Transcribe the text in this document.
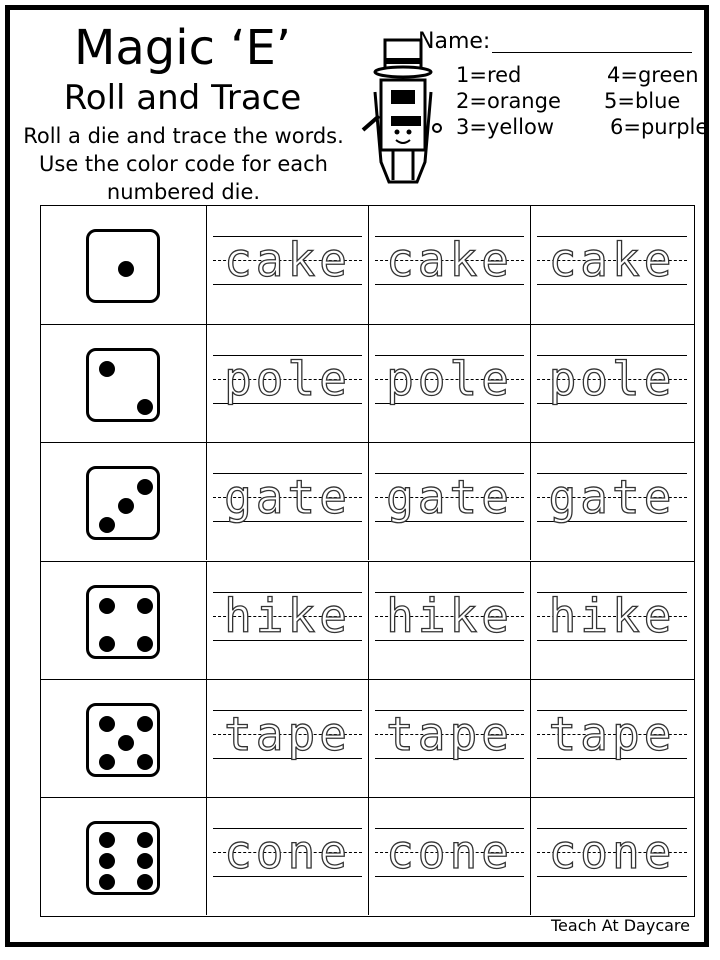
Magic ‘E’
Roll and Trace
Roll a die and trace the words. Use the color code for each numbered die.
Name:
1=red
2=orange
3=yellow
4=green
5=blue
6=purple
cake cake cake
pole pole pole
gate gate gate
hike hike hike
tape tape tape
cone cone cone
Teach At Daycare
